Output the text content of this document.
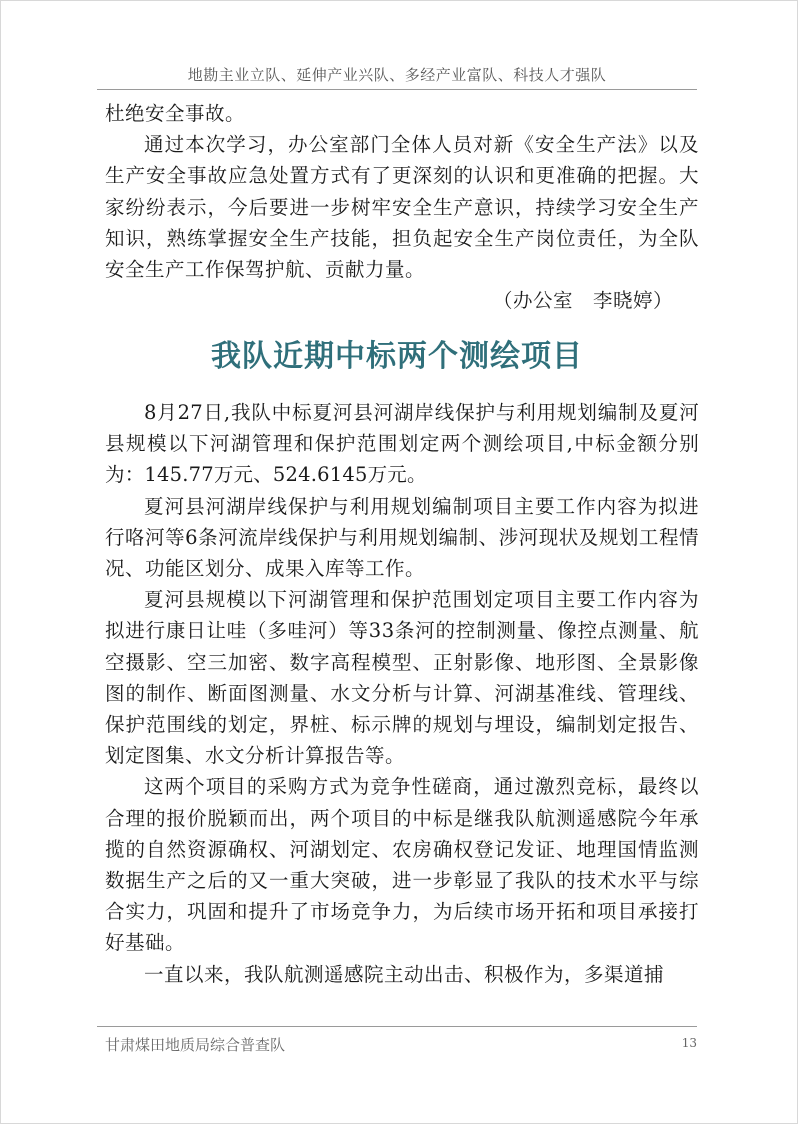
地勘主业立队、延伸产业兴队、多经产业富队、科技人才强队

杜绝安全事故。

通过本次学习，办公室部门全体人员对新《安全生产法》以及生产安全事故应急处置方式有了更深刻的认识和更准确的把握。大家纷纷表示，今后要进一步树牢安全生产意识，持续学习安全生产知识，熟练掌握安全生产技能，担负起安全生产岗位责任，为全队安全生产工作保驾护航、贡献力量。

（办公室　李晓婷）

我队近期中标两个测绘项目

8月27日,我队中标夏河县河湖岸线保护与利用规划编制及夏河县规模以下河湖管理和保护范围划定两个测绘项目,中标金额分别为：145.77万元、524.6145万元。

夏河县河湖岸线保护与利用规划编制项目主要工作内容为拟进行咯河等6条河流岸线保护与利用规划编制、涉河现状及规划工程情况、功能区划分、成果入库等工作。

夏河县规模以下河湖管理和保护范围划定项目主要工作内容为拟进行康日让哇（多哇河）等33条河的控制测量、像控点测量、航空摄影、空三加密、数字高程模型、正射影像、地形图、全景影像图的制作、断面图测量、水文分析与计算、河湖基准线、管理线、保护范围线的划定，界桩、标示牌的规划与埋设，编制划定报告、划定图集、水文分析计算报告等。

这两个项目的采购方式为竞争性磋商，通过激烈竞标，最终以合理的报价脱颖而出，两个项目的中标是继我队航测遥感院今年承揽的自然资源确权、河湖划定、农房确权登记发证、地理国情监测数据生产之后的又一重大突破，进一步彰显了我队的技术水平与综合实力，巩固和提升了市场竞争力，为后续市场开拓和项目承接打好基础。

一直以来，我队航测遥感院主动出击、积极作为，多渠道捕

甘肃煤田地质局综合普查队	13
